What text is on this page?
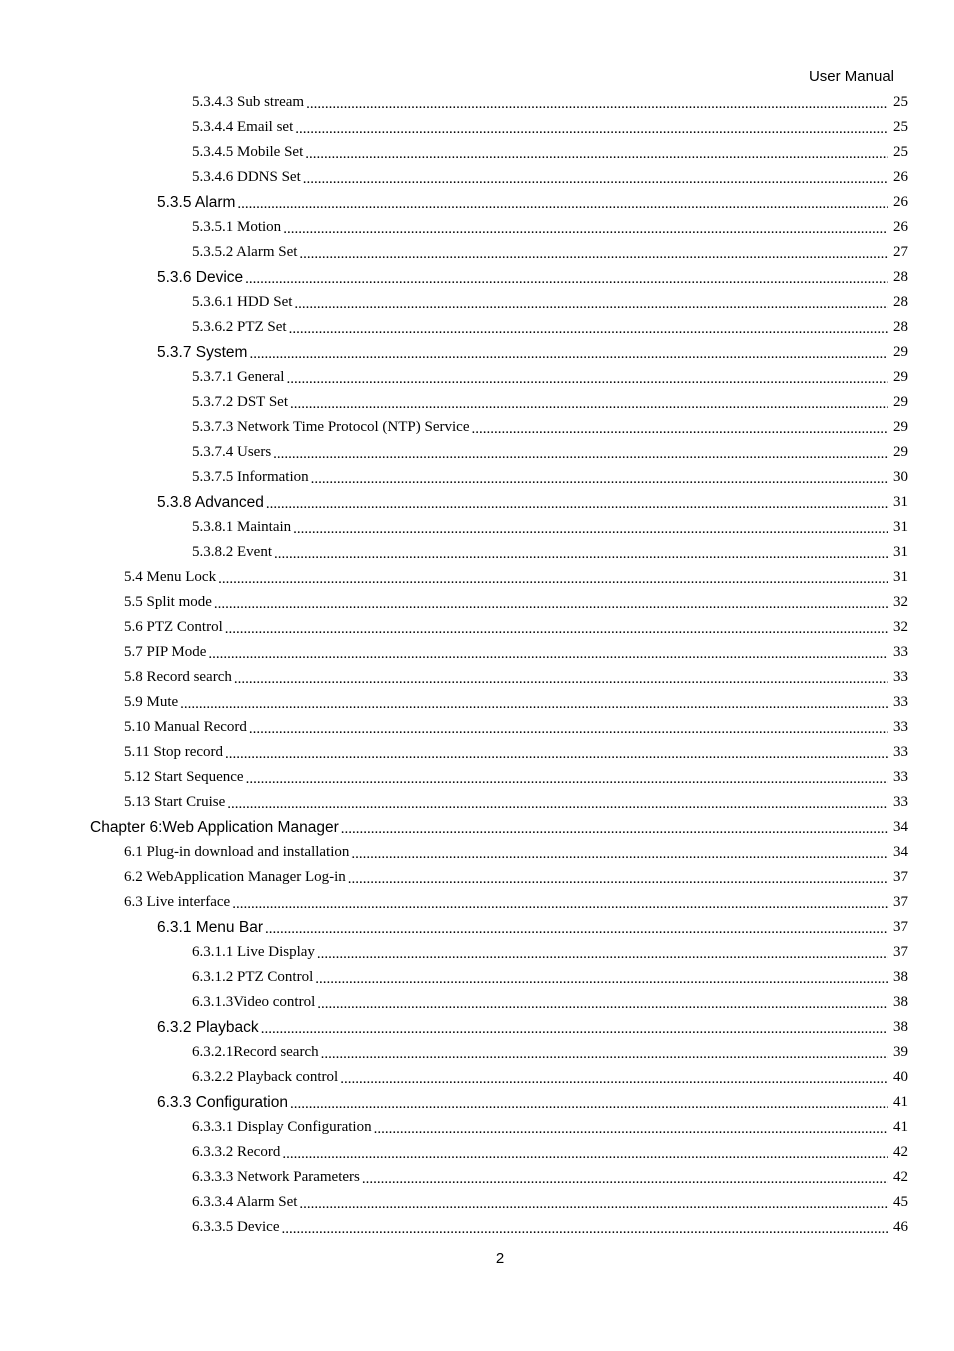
User Manual
5.3.4.3 Sub stream .....	25
5.3.4.4 Email set .....	25
5.3.4.5 Mobile Set .....	25
5.3.4.6 DDNS Set .....	26
5.3.5 Alarm .....	26
5.3.5.1 Motion .....	26
5.3.5.2 Alarm Set .....	27
5.3.6 Device .....	28
5.3.6.1 HDD Set .....	28
5.3.6.2 PTZ Set .....	28
5.3.7 System .....	29
5.3.7.1 General .....	29
5.3.7.2 DST Set .....	29
5.3.7.3 Network Time Protocol (NTP) Service .....	29
5.3.7.4 Users .....	29
5.3.7.5 Information .....	30
5.3.8 Advanced .....	31
5.3.8.1 Maintain .....	31
5.3.8.2 Event .....	31
5.4 Menu Lock .....	31
5.5 Split mode .....	32
5.6 PTZ Control .....	32
5.7 PIP Mode .....	33
5.8 Record search .....	33
5.9 Mute .....	33
5.10 Manual Record .....	33
5.11 Stop record .....	33
5.12 Start Sequence .....	33
5.13 Start Cruise .....	33
Chapter 6:Web Application Manager .....	34
6.1 Plug-in download and installation .....	34
6.2 WebApplication Manager Log-in .....	37
6.3 Live interface .....	37
6.3.1 Menu Bar .....	37
6.3.1.1 Live Display .....	37
6.3.1.2 PTZ Control .....	38
6.3.1.3Video control .....	38
6.3.2 Playback .....	38
6.3.2.1Record search .....	39
6.3.2.2 Playback control .....	40
6.3.3 Configuration .....	41
6.3.3.1 Display Configuration .....	41
6.3.3.2 Record .....	42
6.3.3.3 Network Parameters .....	42
6.3.3.4 Alarm Set .....	45
6.3.3.5 Device .....	46
2
